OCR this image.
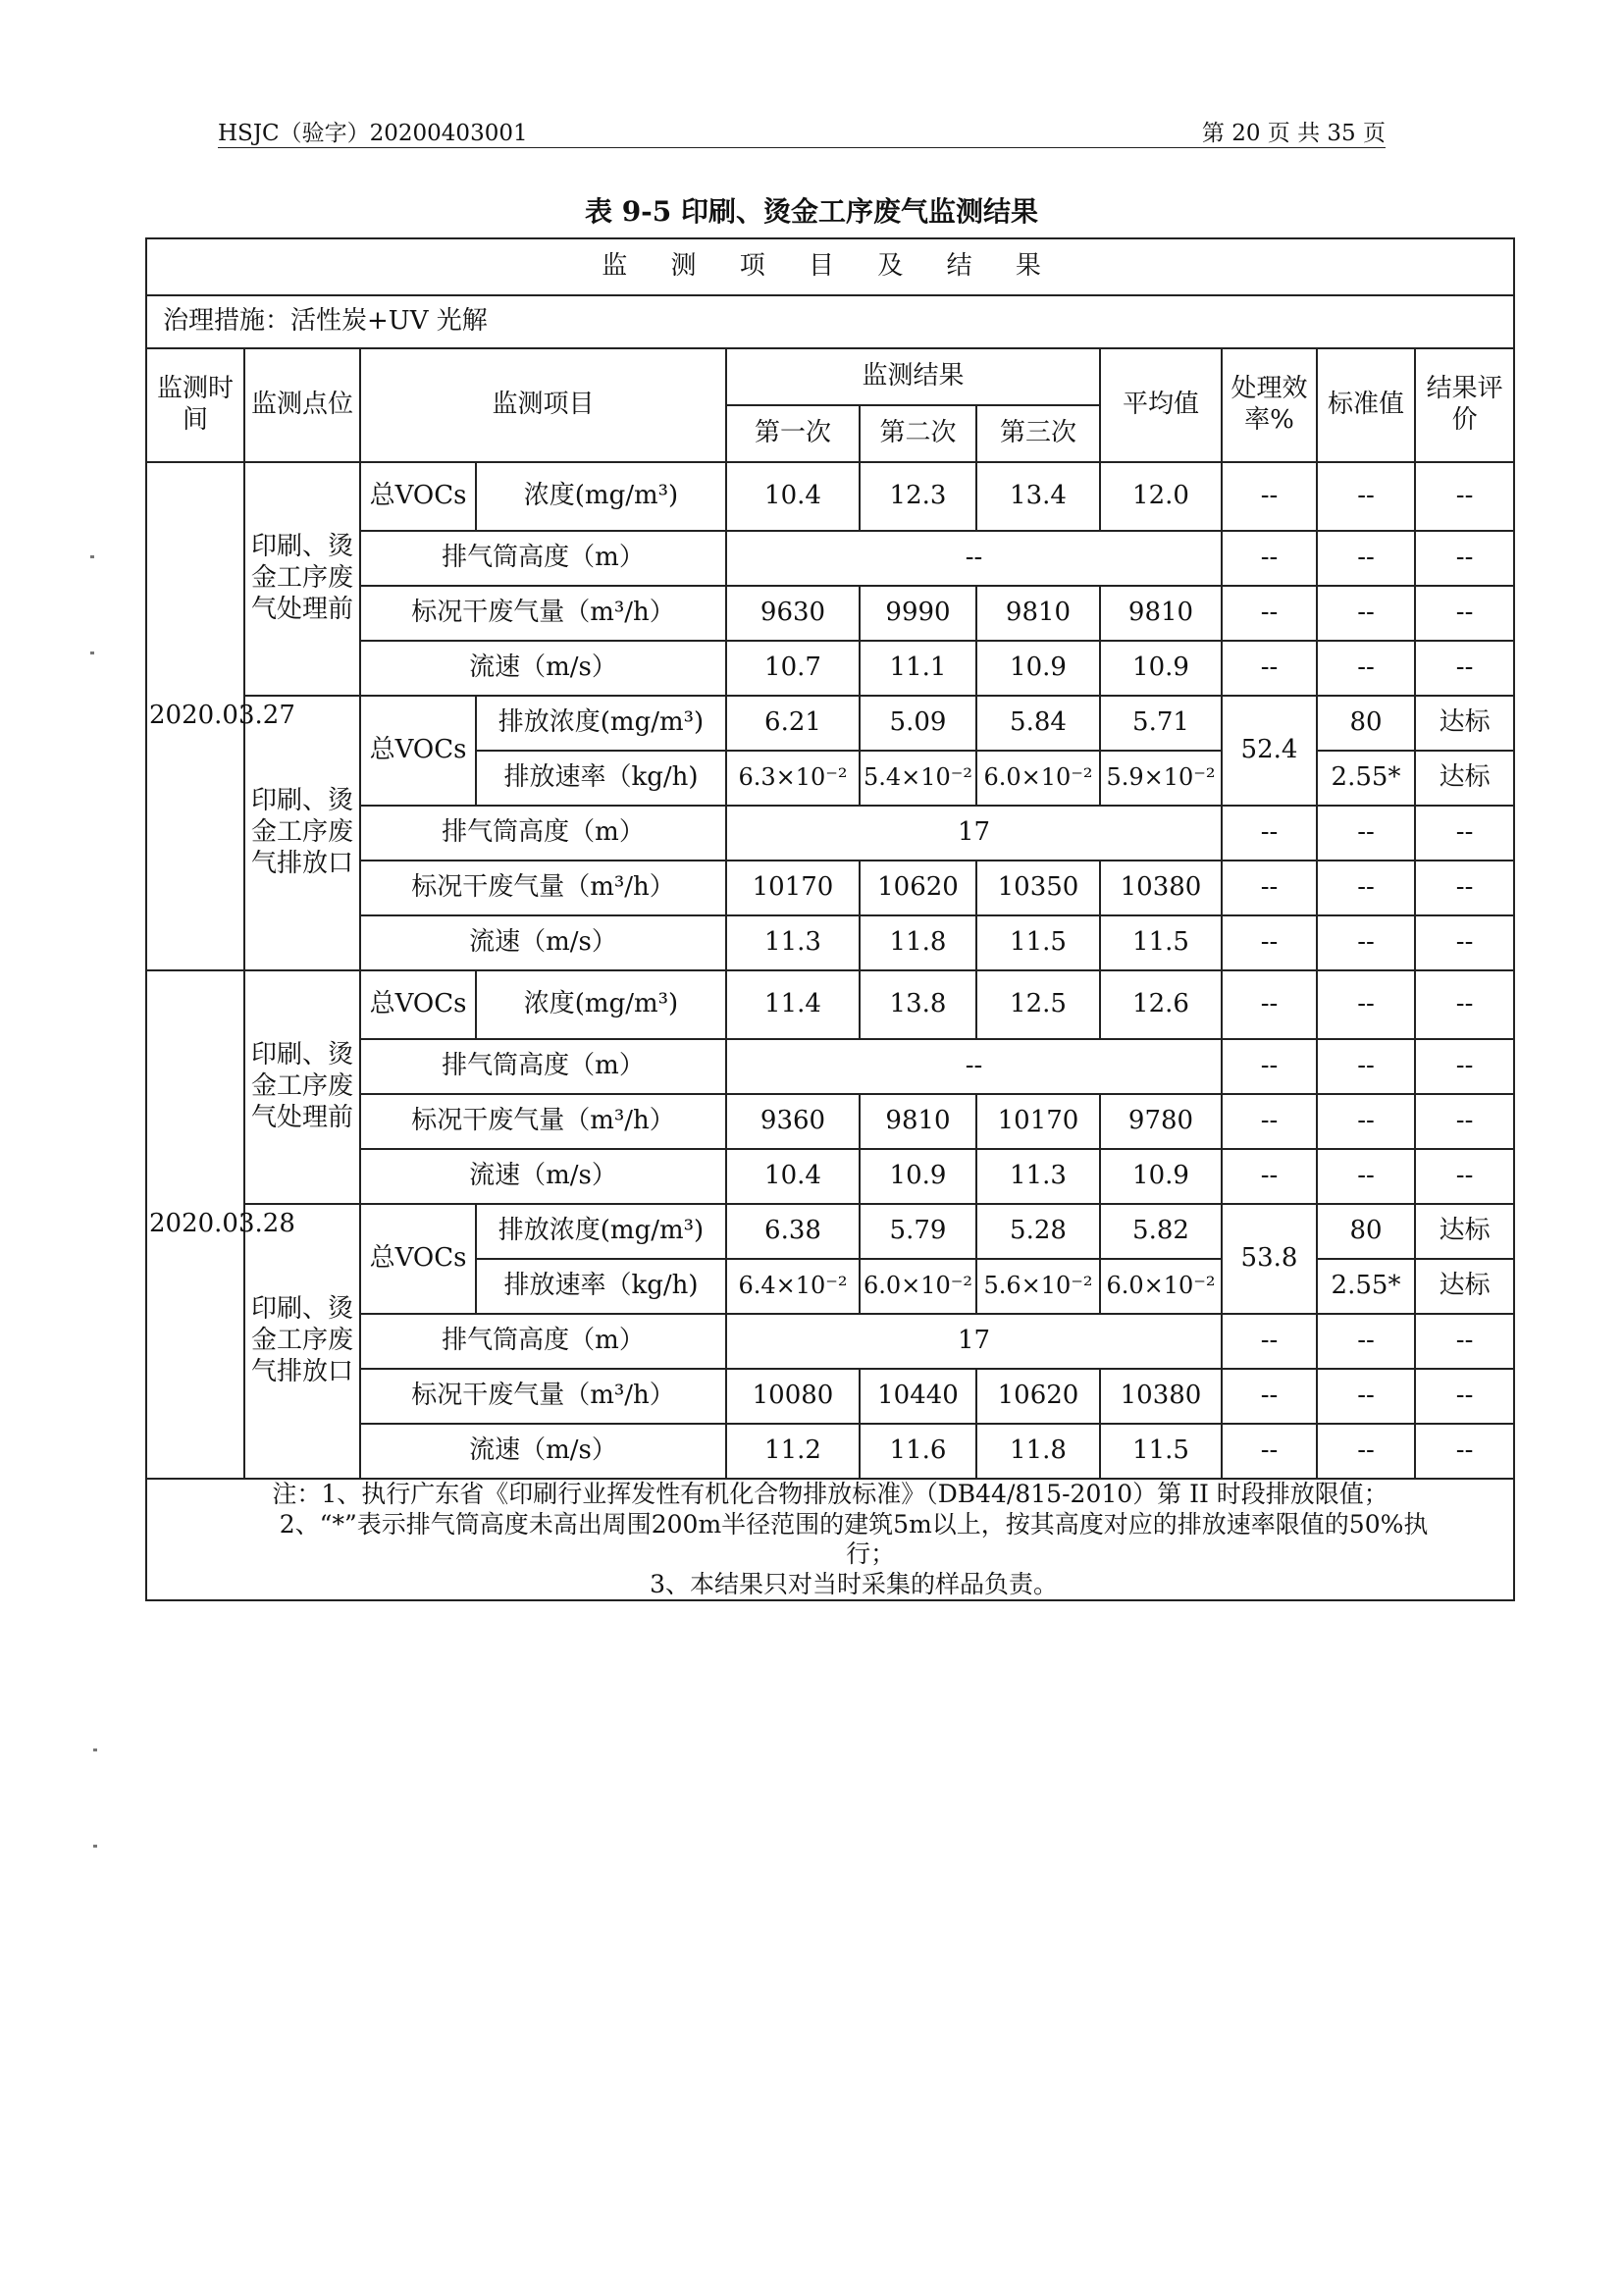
HSJC（验字）20200403001	第 20 页 共 35 页
表 9-5 印刷、烫金工序废气监测结果
监 测 项 目 及 结 果										
治理措施：活性炭+UV 光解										
监测时间	监测点位	监测项目		监测结果			平均值	处理效率%	标准值	结果评价
				第一次	第二次	第三次				
2020.03.27	印刷、烫金工序废气处理前	总VOCs	浓度(mg/m³)	10.4	12.3	13.4	12.0	--	--	--
		排气筒高度（m）		--				--	--	--
		标况干废气量（m³/h）		9630	9990	9810	9810	--	--	--
		流速（m/s）		10.7	11.1	10.9	10.9	--	--	--
	印刷、烫金工序废气排放口	总VOCs	排放浓度(mg/m³)	6.21	5.09	5.84	5.71	52.4	80	达标
			排放速率（kg/h)	6.3×10⁻²	5.4×10⁻²	6.0×10⁻²	5.9×10⁻²		2.55*	达标
		排气筒高度（m）		17				--	--	--
		标况干废气量（m³/h）		10170	10620	10350	10380	--	--	--
		流速（m/s）		11.3	11.8	11.5	11.5	--	--	--
2020.03.28	印刷、烫金工序废气处理前	总VOCs	浓度(mg/m³)	11.4	13.8	12.5	12.6	--	--	--
		排气筒高度（m）		--				--	--	--
		标况干废气量（m³/h）		9360	9810	10170	9780	--	--	--
		流速（m/s）		10.4	10.9	11.3	10.9	--	--	--
	印刷、烫金工序废气排放口	总VOCs	排放浓度(mg/m³)	6.38	5.79	5.28	5.82	53.8	80	达标
			排放速率（kg/h)	6.4×10⁻²	6.0×10⁻²	5.6×10⁻²	6.0×10⁻²		2.55*	达标
		排气筒高度（m）		17				--	--	--
		标况干废气量（m³/h）		10080	10440	10620	10380	--	--	--
		流速（m/s）		11.2	11.6	11.8	11.5	--	--	--

注：1、执行广东省《印刷行业挥发性有机化合物排放标准》（DB44/815-2010）第 II 时段排放限值；
2、“*”表示排气筒高度未高出周围200m半径范围的建筑5m以上，按其高度对应的排放速率限值的50%执
行；
3、本结果只对当时采集的样品负责。										
